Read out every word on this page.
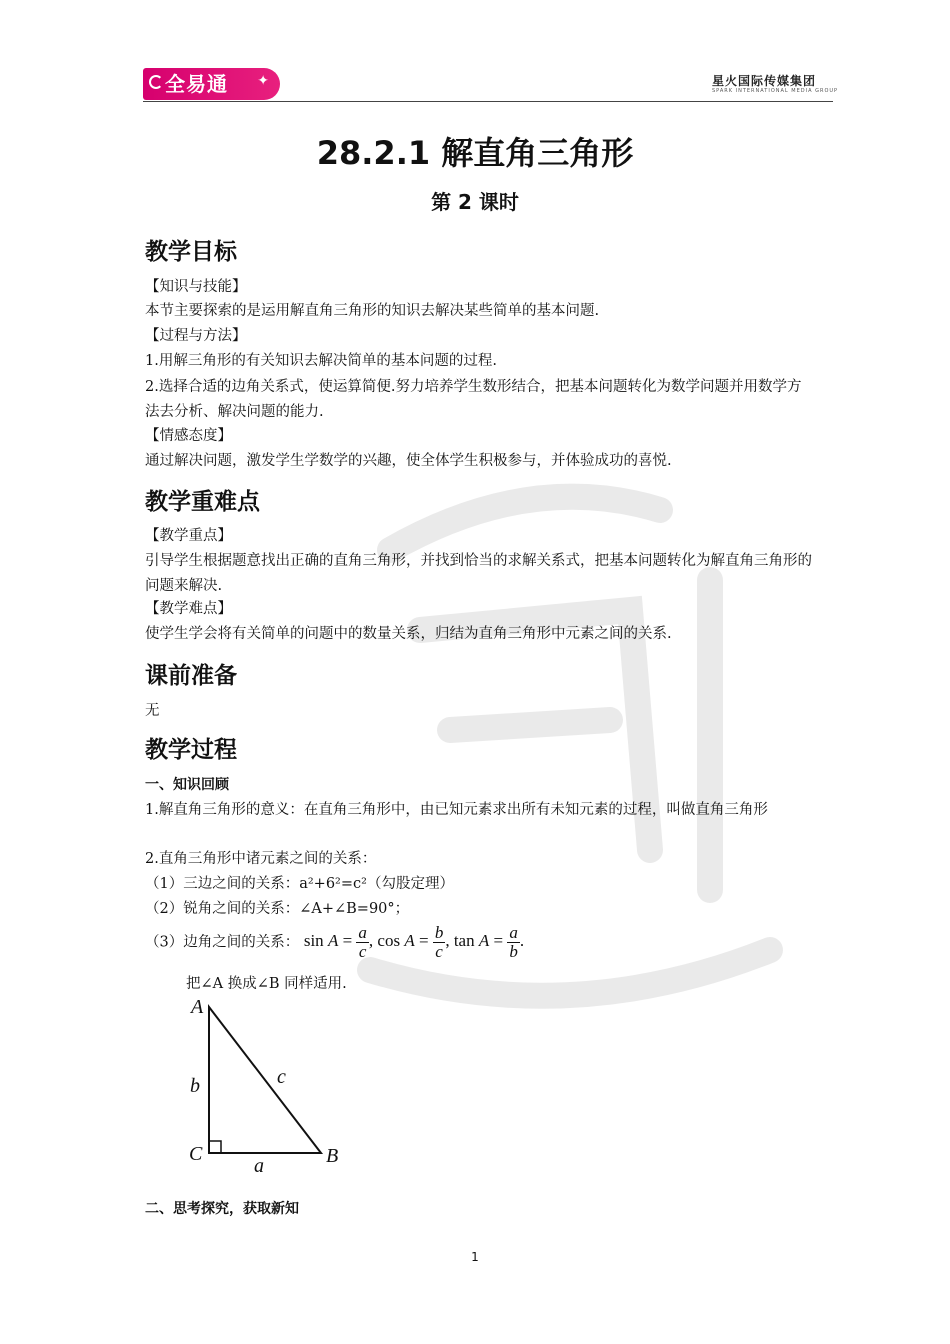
全易通 ✦	星火国际传媒集团
SPARK INTERNATIONAL MEDIA GROUP
28.2.1 解直角三角形
第 2 课时
教学目标
【知识与技能】
本节主要探索的是运用解直角三角形的知识去解决某些简单的基本问题.
【过程与方法】
1.用解三角形的有关知识去解决简单的基本问题的过程.
2.选择合适的边角关系式，使运算简便.努力培养学生数形结合，把基本问题转化为数学问题并用数学方法去分析、解决问题的能力.
【情感态度】
通过解决问题，激发学生学数学的兴趣，使全体学生积极参与，并体验成功的喜悦.
教学重难点
【教学重点】
引导学生根据题意找出正确的直角三角形，并找到恰当的求解关系式，把基本问题转化为解直角三角形的问题来解决.
【教学难点】
使学生学会将有关简单的问题中的数量关系，归结为直角三角形中元素之间的关系.
课前准备
无
教学过程
一、知识回顾
1.解直角三角形的意义：在直角三角形中，由已知元素求出所有未知元素的过程，叫做直角三角形
2.直角三角形中诸元素之间的关系：
（1）三边之间的关系：a²+6²=c²（勾股定理）
（2）锐角之间的关系：∠A+∠B=90°；
（3）边角之间的关系： $\sin A = \frac{a}{c}$ , $\cos A = \frac{b}{c}$ , $\tan A = \frac{a}{b}$ .
把∠A 换成∠B 同样适用.
A
C	B
b	c
a
二、思考探究，获取新知
1
